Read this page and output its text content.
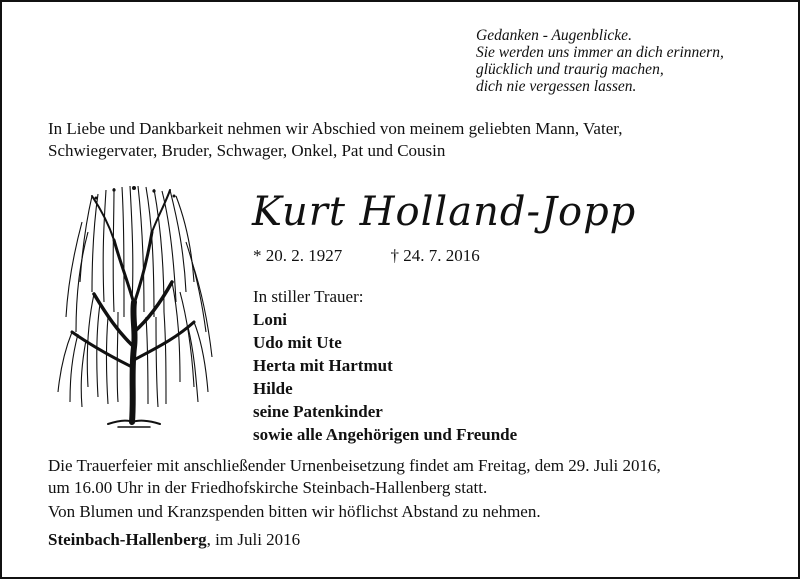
Gedanken - Augenblicke.
Sie werden uns immer an dich erinnern,
glücklich und traurig machen,
dich nie vergessen lassen.
In Liebe und Dankbarkeit nehmen wir Abschied von meinem geliebten Mann, Vater,
Schwiegervater, Bruder, Schwager, Onkel, Pat und Cousin
Kurt Holland-Jopp
* 20. 2. 1927	† 24. 7. 2016
In stiller Trauer:
Loni
Udo mit Ute
Herta mit Hartmut
Hilde
seine Patenkinder
sowie alle Angehörigen und Freunde
Die Trauerfeier mit anschließender Urnenbeisetzung findet am Freitag, dem 29. Juli 2016,
um 16.00 Uhr in der Friedhofskirche Steinbach-Hallenberg statt.
Von Blumen und Kranzspenden bitten wir höflichst Abstand zu nehmen.
Steinbach-Hallenberg, im Juli 2016
